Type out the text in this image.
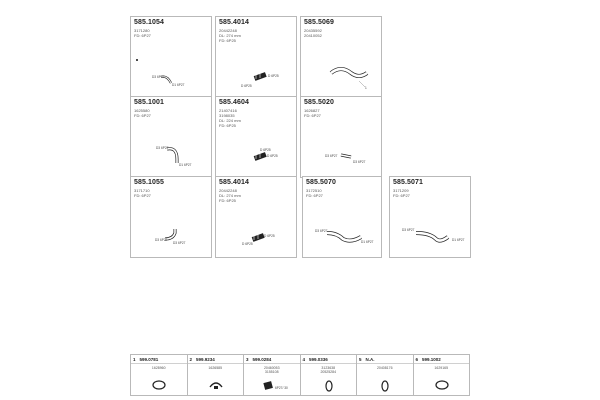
585.1054
3171280
FD: 6P27
D3 6P27
D1 6P27
585.4014
20442248
DL: 274 mm
FD: 6P25
D 6P25
D 6P25
585.5069
20435592
20410052
1
585.1001
1625580
FD: 6P27
D3 6P27
D1 6P27
585.4604
21407416
3198035
DL: 224 mm
FD: 6P25
D 6P25
D 6P25
585.5020
1626827
FD: 6P27
D3 6P27
D3 6P27
585.1055
3171710
FD: 6P27
D3 6P27
D3 6P27
585.4014
20442248
DL: 274 mm
FD: 6P25
D 6P25
D 6P25
585.5070
3172510
FD: 6P27
D3 6P27
D1 6P27
585.5071
3171209
FD: 6P27
D3 6P27
D1 6P27
1 599.0781
1628960
2 599.9234
1626585
3 599.0284
20460053
3155108
6P27/ 30
4 599.0336
3123638
20525284
5 N.A.
20408176
6 599.1002
1629165
